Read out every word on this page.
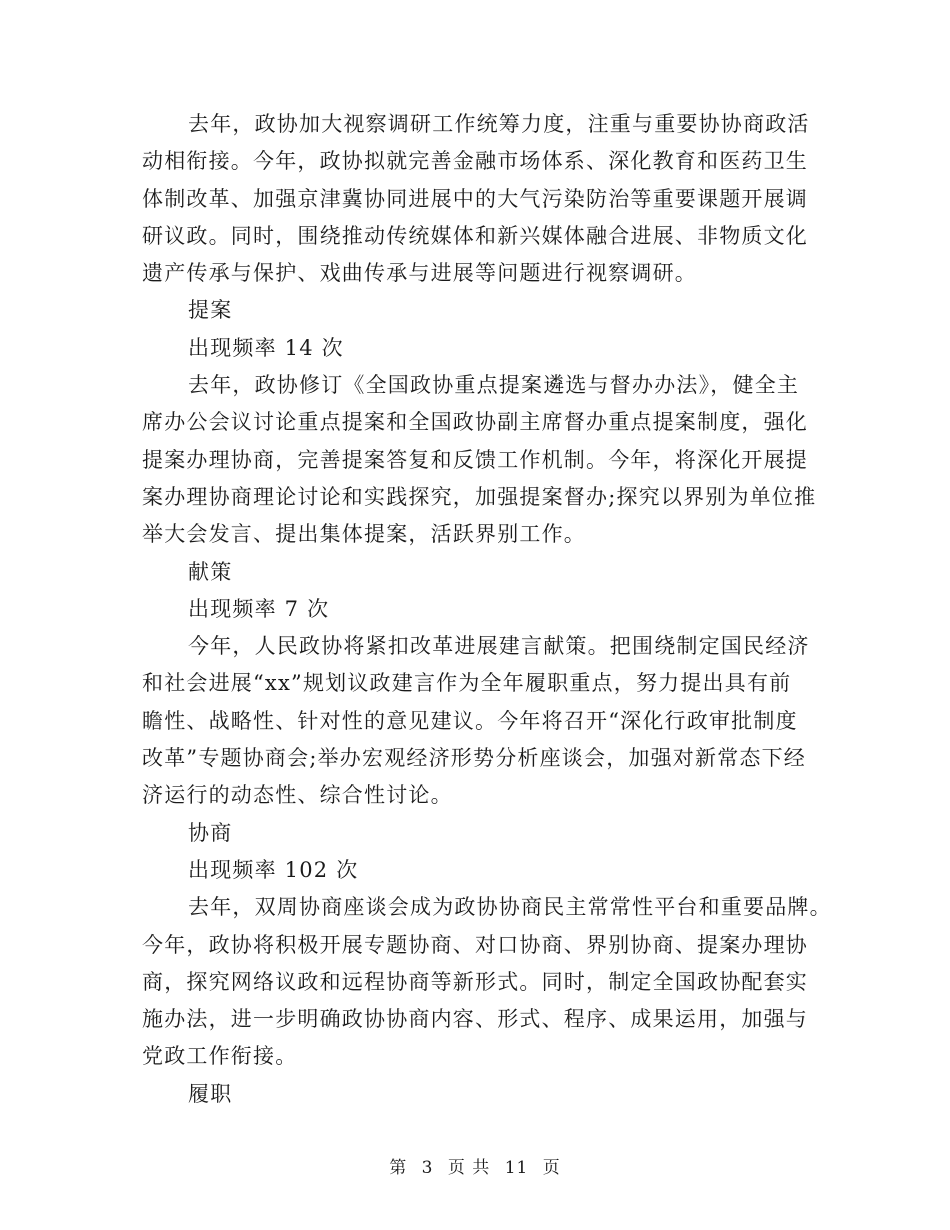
去年，政协加大视察调研工作统筹力度，注重与重要协协商政活
动相衔接。今年，政协拟就完善金融市场体系、深化教育和医药卫生
体制改革、加强京津冀协同进展中的大气污染防治等重要课题开展调
研议政。同时，围绕推动传统媒体和新兴媒体融合进展、非物质文化
遗产传承与保护、戏曲传承与进展等问题进行视察调研。
提案
出现频率 14 次
去年，政协修订《全国政协重点提案遴选与督办办法》，健全主
席办公会议讨论重点提案和全国政协副主席督办重点提案制度，强化
提案办理协商，完善提案答复和反馈工作机制。今年，将深化开展提
案办理协商理论讨论和实践探究，加强提案督办;探究以界别为单位推
举大会发言、提出集体提案，活跃界别工作。
献策
出现频率 7 次
今年，人民政协将紧扣改革进展建言献策。把围绕制定国民经济
和社会进展“xx”规划议政建言作为全年履职重点，努力提出具有前
瞻性、战略性、针对性的意见建议。今年将召开“深化行政审批制度
改革”专题协商会;举办宏观经济形势分析座谈会，加强对新常态下经
济运行的动态性、综合性讨论。
协商
出现频率 102 次
去年，双周协商座谈会成为政协协商民主常常性平台和重要品牌。
今年，政协将积极开展专题协商、对口协商、界别协商、提案办理协
商，探究网络议政和远程协商等新形式。同时，制定全国政协配套实
施办法，进一步明确政协协商内容、形式、程序、成果运用，加强与
党政工作衔接。
履职
第 3 页 共 11 页
